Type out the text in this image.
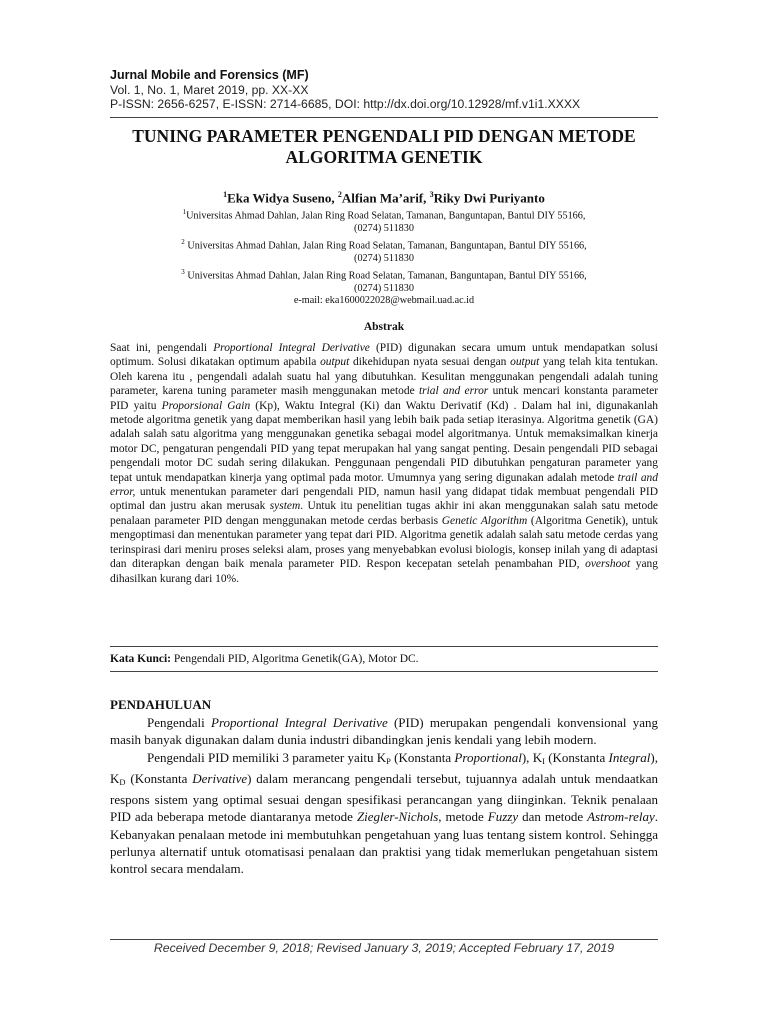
Jurnal Mobile and Forensics (MF)
Vol. 1, No. 1, Maret 2019, pp. XX-XX
P-ISSN: 2656-6257, E-ISSN: 2714-6685, DOI: http://dx.doi.org/10.12928/mf.v1i1.XXXX
TUNING PARAMETER PENGENDALI PID DENGAN METODE
ALGORITMA GENETIK
$^1$Eka Widya Suseno, $^2$Alfian Ma’arif, $^3$Riky Dwi Puriyanto
$^1$Universitas Ahmad Dahlan, Jalan Ring Road Selatan, Tamanan, Banguntapan, Bantul DIY 55166,
(0274) 511830
$^2$ Universitas Ahmad Dahlan, Jalan Ring Road Selatan, Tamanan, Banguntapan, Bantul DIY 55166,
(0274) 511830
$^3$ Universitas Ahmad Dahlan, Jalan Ring Road Selatan, Tamanan, Banguntapan, Bantul DIY 55166,
(0274) 511830
e-mail: eka1600022028@webmail.uad.ac.id
Abstrak

Saat ini, pengendali Proportional Integral Derivative (PID) digunakan secara umum untuk mendapatkan solusi optimum. Solusi dikatakan optimum apabila output dikehidupan nyata sesuai dengan output yang telah kita tentukan. Oleh karena itu , pengendali adalah suatu hal yang dibutuhkan. Kesulitan menggunakan pengendali adalah tuning parameter, karena tuning parameter masih menggunakan metode trial and error untuk mencari konstanta parameter PID yaitu Proporsional Gain (Kp), Waktu Integral (Ki) dan Waktu Derivatif (Kd) . Dalam hal ini, digunakanlah metode algoritma genetik yang dapat memberikan hasil yang lebih baik pada setiap iterasinya. Algoritma genetik (GA) adalah salah satu algoritma yang menggunakan genetika sebagai model algoritmanya. Untuk memaksimalkan kinerja motor DC, pengaturan pengendali PID yang tepat merupakan hal yang sangat penting. Desain pengendali PID sebagai pengendali motor DC sudah sering dilakukan. Penggunaan pengendali PID dibutuhkan pengaturan parameter yang tepat untuk mendapatkan kinerja yang optimal pada motor. Umumnya yang sering digunakan adalah metode trail and error, untuk menentukan parameter dari pengendali PID, namun hasil yang didapat tidak membuat pengendali PID optimal dan justru akan merusak system. Untuk itu penelitian tugas akhir ini akan menggunakan salah satu metode penalaan parameter PID dengan menggunakan metode cerdas berbasis Genetic Algorithm (Algoritma Genetik), untuk mengoptimasi dan menentukan parameter yang tepat dari PID. Algoritma genetik adalah salah satu metode cerdas yang terinspirasi dari meniru proses seleksi alam, proses yang menyebabkan evolusi biologis, konsep inilah yang di adaptasi dan diterapkan dengan baik menala parameter PID. Respon kecepatan setelah penambahan PID, overshoot yang dihasilkan kurang dari 10%.

Kata Kunci: Pengendali PID, Algoritma Genetik(GA), Motor DC.
PENDAHULUAN

Pengendali Proportional Integral Derivative (PID) merupakan pengendali konvensional yang masih banyak digunakan dalam dunia industri dibandingkan jenis kendali yang lebih modern.

Pengendali PID memiliki 3 parameter yaitu $K_P$ (Konstanta Proportional), $K_I$ (Konstanta Integral), $K_D$ (Konstanta Derivative) dalam merancang pengendali tersebut, tujuannya adalah untuk mendaatkan respons sistem yang optimal sesuai dengan spesifikasi perancangan yang diinginkan. Teknik penalaan PID ada beberapa metode diantaranya metode Ziegler-Nichols, metode Fuzzy dan metode Astrom-relay. Kebanyakan penalaan metode ini membutuhkan pengetahuan yang luas tentang sistem kontrol. Sehingga perlunya alternatif untuk otomatisasi penalaan dan praktisi yang tidak memerlukan pengetahuan sistem kontrol secara mendalam.

Received December 9, 2018; Revised January 3, 2019; Accepted February 17, 2019
